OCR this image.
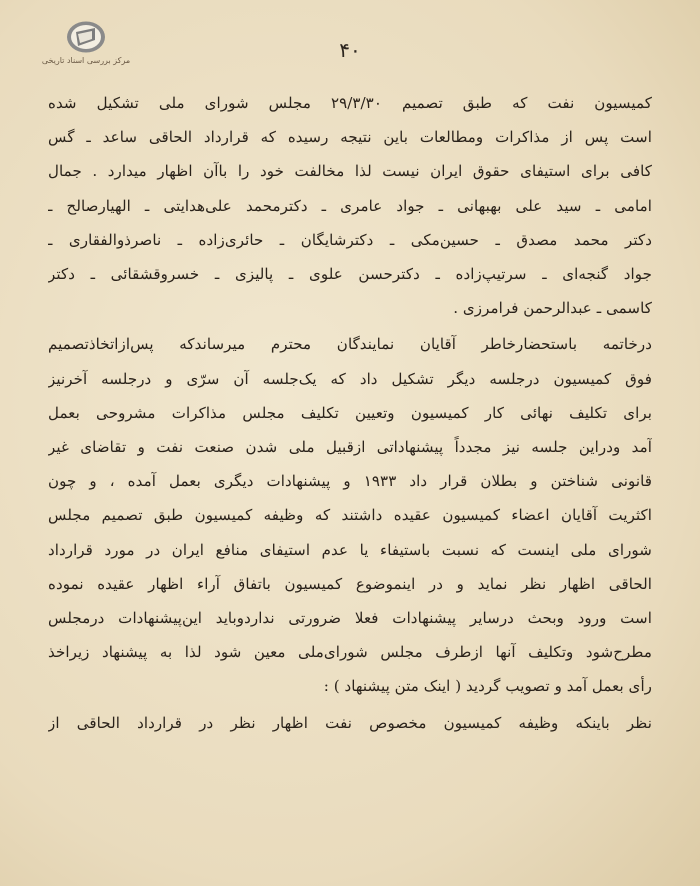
مرکز بررسی اسناد تاریخی	۴۰

کمیسیون نفت که طبق تصمیم ۲۹/۳/۳۰ مجلس شورای ملی تشکیل شده
است پس از مذاکرات ومطالعات باین نتیجه رسیده که قرارداد الحاقی ساعد ـ گس
کافی برای استیفای حقوق ایران نیست لذا مخالفت خود را باآن اظهار میدارد . جمال
امامی ـ سید علی بهبهانی ـ جواد عامری ـ دکترمحمد علی‌هدایتی ـ الهیارصالح ـ
دکتر محمد مصدق ـ حسین‌مکی ـ دکترشایگان ـ حائری‌زاده ـ ناصرذوالفقاری ـ
جواد گنجه‌ای ـ سرتیپ‌زاده ـ دکترحسن علوی ـ پالیزی ـ خسروقشقائی ـ دکتر
کاسمی ـ عبدالرحمن فرامرزی .

درخاتمه باستحضارخاطر آقایان نمایندگان محترم میرساندکه پس‌ازاتخاذتصمیم
فوق کمیسیون درجلسه دیگر تشکیل داد که یک‌جلسه آن سرّی و درجلسه آخرنیز
برای تکلیف نهائی کار کمیسیون وتعیین تکلیف مجلس مذاکرات مشروحی بعمل
آمد ودراین جلسه نیز مجدداً پیشنهاداتی ازقبیل ملی شدن صنعت نفت و تقاضای غیر
قانونی شناختن و بطلان قرار داد ۱۹۳۳ و پیشنهادات دیگری بعمل آمده ، و چون
اکثریت آقایان اعضاء کمیسیون عقیده داشتند که وظیفه کمیسیون طبق تصمیم مجلس
شورای ملی اینست که نسبت باستیفاء یا عدم استیفای منافع ایران در مورد قرارداد
الحاقی اظهار نظر نماید و در اینموضوع کمیسیون باتفاق آراء اظهار عقیده نموده
است ورود وبحث درسایر پیشنهادات فعلا ضرورتی نداردوباید این‌پیشنهادات درمجلس
مطرح‌شود وتکلیف آنها ازطرف مجلس شورای‌ملی معین شود لذا به پیشنهاد زیراخذ
رأی بعمل آمد و تصویب گردید ( اینک متن پیشنهاد ) :

نظر باینکه وظیفه کمیسیون مخصوص نفت اظهار نظر در قرارداد الحاقی از
